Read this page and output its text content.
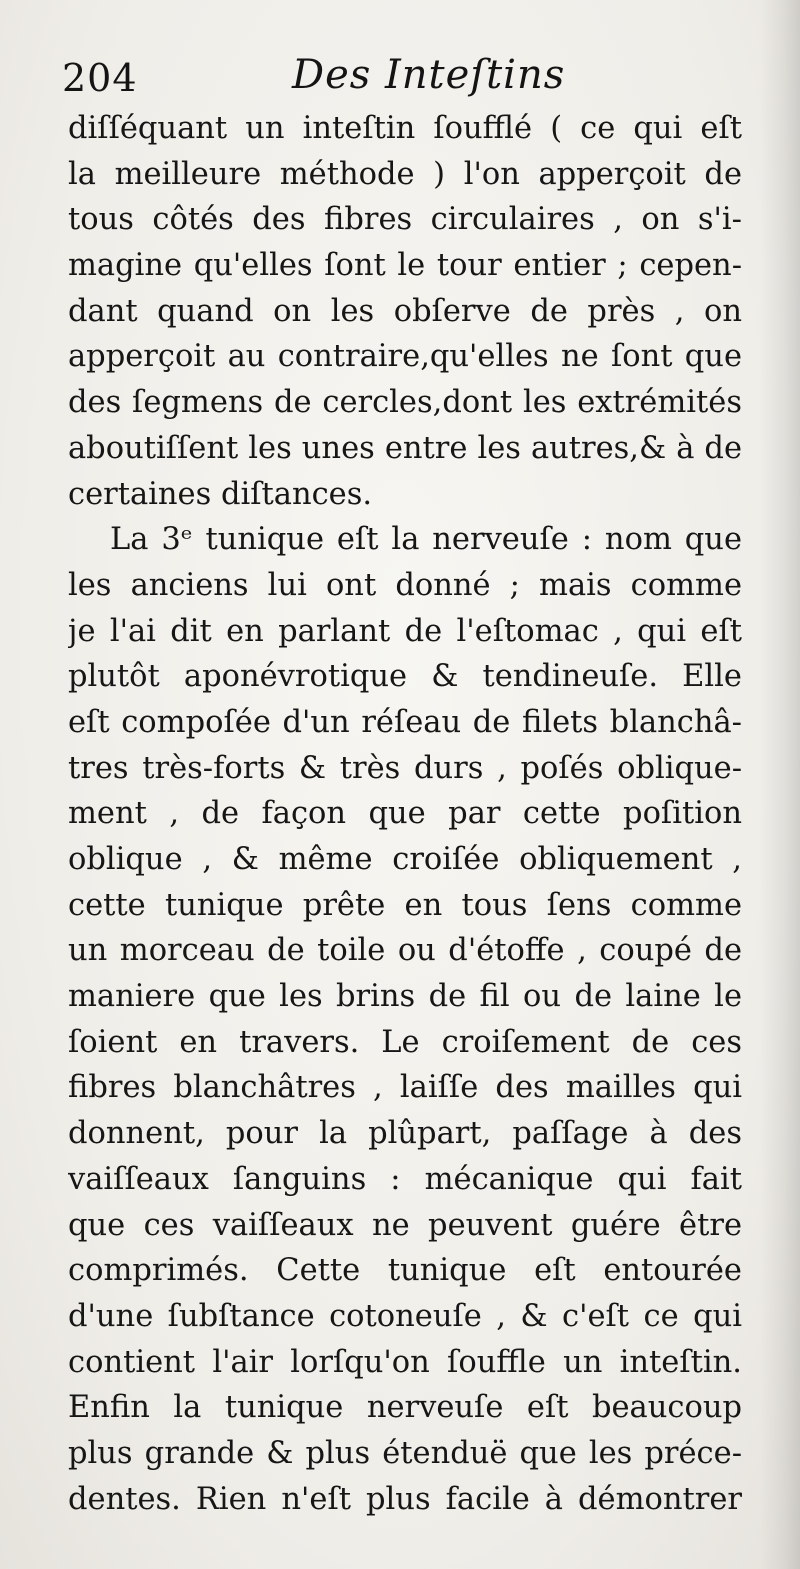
204	Des Inteſtins
diſſéquant un inteſtin ſoufflé ( ce qui eſt
la meilleure méthode ) l'on apperçoit de
tous côtés des fibres circulaires , on s'i-
magine qu'elles ſont le tour entier ; cepen-
dant quand on les obſerve de près , on
apperçoit au contraire,qu'elles ne ſont que
des ſegmens de cercles,dont les extrémités
aboutiſſent les unes entre les autres,& à de
certaines diſtances.
La 3ᵉ tunique eſt la nerveuſe : nom que
les anciens lui ont donné ; mais comme
je l'ai dit en parlant de l'eſtomac , qui eſt
plutôt aponévrotique & tendineuſe. Elle
eſt compoſée d'un réſeau de filets blanchâ-
tres très-forts & très durs , poſés oblique-
ment , de façon que par cette poſition
oblique , & même croiſée obliquement ,
cette tunique prête en tous ſens comme
un morceau de toile ou d'étoffe , coupé de
maniere que les brins de fil ou de laine le
ſoient en travers. Le croiſement de ces
fibres blanchâtres , laiſſe des mailles qui
donnent, pour la plûpart, paſſage à des
vaiſſeaux ſanguins : mécanique qui fait
que ces vaiſſeaux ne peuvent guére être
comprimés. Cette tunique eſt entourée
d'une ſubſtance cotoneuſe , & c'eſt ce qui
contient l'air lorſqu'on ſouffle un inteſtin.
Enfin la tunique nerveuſe eſt beaucoup
plus grande & plus étenduë que les préce-
dentes. Rien n'eſt plus facile à démontrer
